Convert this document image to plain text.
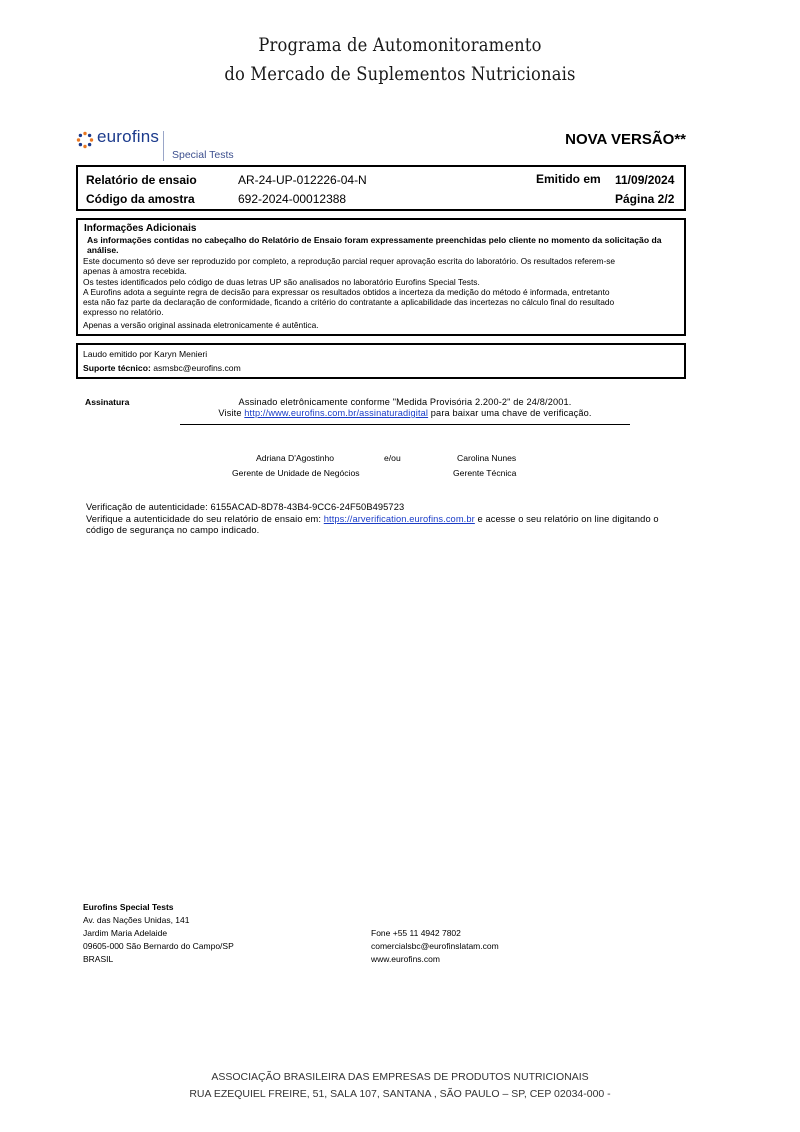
Programa de Automonitoramento
do Mercado de Suplementos Nutricionais
eurofins
Special Tests
NOVA VERSÃO**
Relatório de ensaio	AR-24-UP-012226-04-N	Emitido em 11/09/2024
Código da amostra	692-2024-00012388	Página 2/2
Informações Adicionais
As informações contidas no cabeçalho do Relatório de Ensaio foram expressamente preenchidas pelo cliente no momento da solicitação da análise.
Este documento só deve ser reproduzido por completo, a reprodução parcial requer aprovação escrita do laboratório. Os resultados referem-se
apenas à amostra recebida.
Os testes identificados pelo código de duas letras UP são analisados no laboratório Eurofins Special Tests.
A Eurofins adota a seguinte regra de decisão para expressar os resultados obtidos a incerteza da medição do método é informada, entretanto
esta não faz parte da declaração de conformidade, ficando a critério do contratante a aplicabilidade das incertezas no cálculo final do resultado
expresso no relatório.
Apenas a versão original assinada eletronicamente é autêntica.
Laudo emitido por Karyn Menieri
Suporte técnico: asmsbc@eurofins.com
Assinatura	Assinado eletrônicamente conforme "Medida Provisória 2.200-2" de 24/8/2001.
Visite http://www.eurofins.com.br/assinaturadigital para baixar uma chave de verificação.
Adriana D'Agostinho	e/ou	Carolina Nunes
Gerente de Unidade de Negócios	Gerente Técnica
Verificação de autenticidade: 6155ACAD-8D78-43B4-9CC6-24F50B495723
Verifique a autenticidade do seu relatório de ensaio em: https://arverification.eurofins.com.br e acesse o seu relatório on line digitando o
código de segurança no campo indicado.
Eurofins Special Tests
Av. das Nações Unidas, 141
Jardim Maria Adelaide
09605-000 São Bernardo do Campo/SP
BRASIL
Fone +55 11 4942 7802
comercialsbc@eurofinslatam.com
www.eurofins.com
ASSOCIAÇÃO BRASILEIRA DAS EMPRESAS DE PRODUTOS NUTRICIONAIS
RUA EZEQUIEL FREIRE, 51, SALA 107, SANTANA , SÃO PAULO – SP, CEP 02034-000 -
